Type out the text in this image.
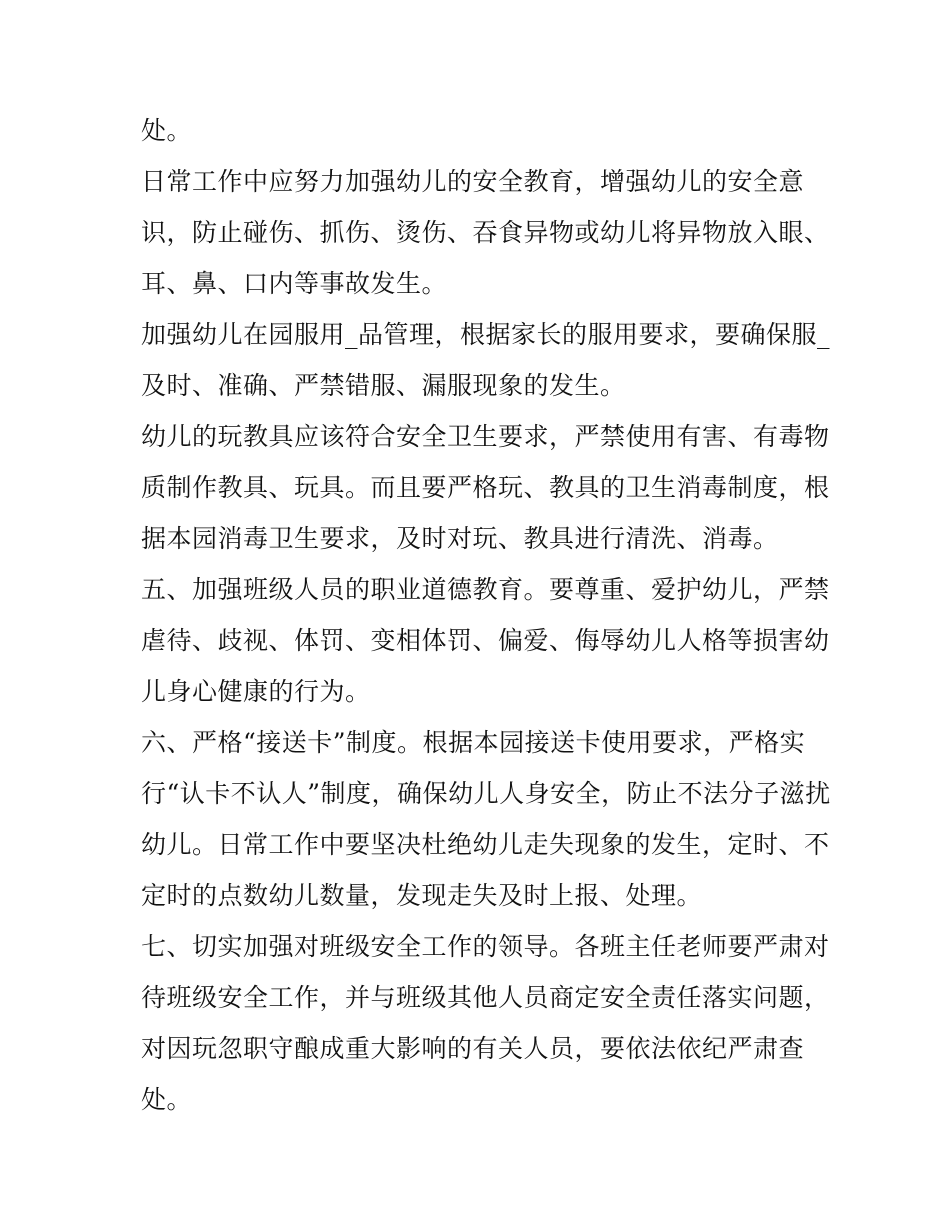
处。
日常工作中应努力加强幼儿的安全教育，增强幼儿的安全意
识，防止碰伤、抓伤、烫伤、吞食异物或幼儿将异物放入眼、
耳、鼻、口内等事故发生。
加强幼儿在园服用_品管理，根据家长的服用要求，要确保服_
及时、准确、严禁错服、漏服现象的发生。
幼儿的玩教具应该符合安全卫生要求，严禁使用有害、有毒物
质制作教具、玩具。而且要严格玩、教具的卫生消毒制度，根
据本园消毒卫生要求，及时对玩、教具进行清洗、消毒。
五、加强班级人员的职业道德教育。要尊重、爱护幼儿，严禁
虐待、歧视、体罚、变相体罚、偏爱、侮辱幼儿人格等损害幼
儿身心健康的行为。
六、严格“接送卡”制度。根据本园接送卡使用要求，严格实
行“认卡不认人”制度，确保幼儿人身安全，防止不法分子滋扰
幼儿。日常工作中要坚决杜绝幼儿走失现象的发生，定时、不
定时的点数幼儿数量，发现走失及时上报、处理。
七、切实加强对班级安全工作的领导。各班主任老师要严肃对
待班级安全工作，并与班级其他人员商定安全责任落实问题，
对因玩忽职守酿成重大影响的有关人员，要依法依纪严肃查
处。
